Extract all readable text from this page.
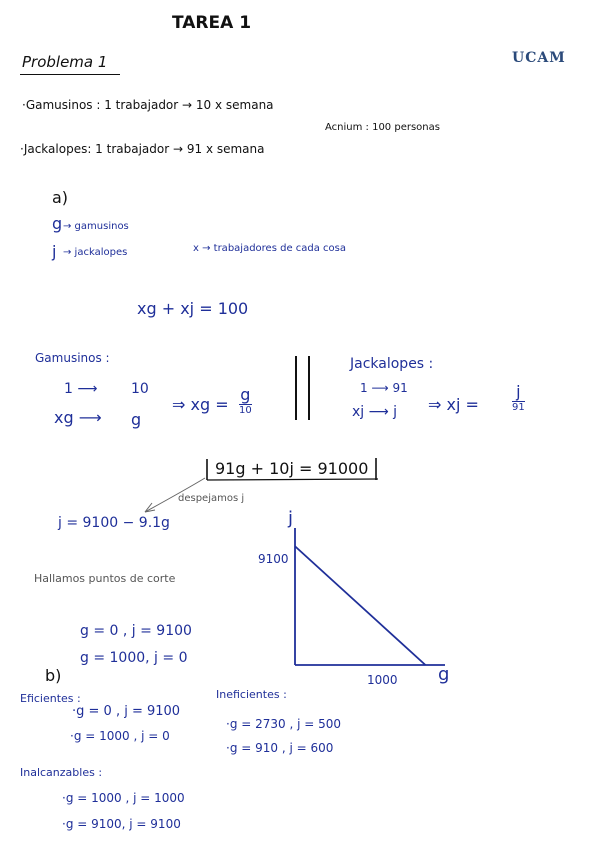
TAREA 1
UCAM
Problema 1
·Gamusinos : 1 trabajador → 10 x semana
Acnium : 100 personas
·Jackalopes: 1 trabajador → 91 x semana
a)
g → gamusinos
j → jackalopes	x → trabajadores de cada cosa
xg + xj = 100
Gamusinos :
1 ⟶ 10
xg ⟶ g
⇒ xg =
g
10
Jackalopes :
1 ⟶ 91
xj ⟶ j ⇒ xj =
j
91
91g + 10j = 91000
despejamos j
j = 9100 − 9.1g
Hallamos puntos de corte
g = 0 , j = 9100
g = 1000, j = 0
j
9100
1000 g
b)
Eficientes :
·g = 0 , j = 9100
·g = 1000 , j = 0
Ineficientes :
·g = 2730 , j = 500
·g = 910 , j = 600
Inalcanzables :
·g = 1000 , j = 1000
·g = 9100, j = 9100
